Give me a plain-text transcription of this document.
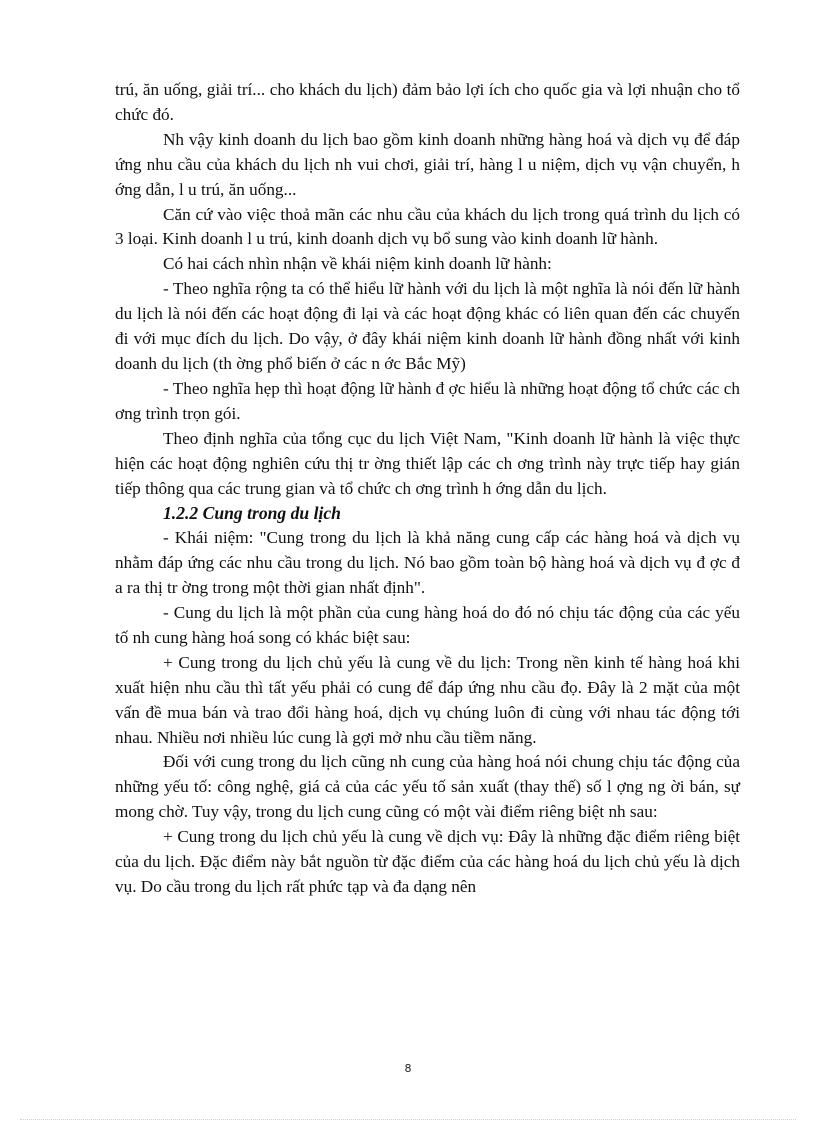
trú, ăn uống, giải trí... cho khách du lịch) đảm bảo lợi ích cho quốc gia và lợi nhuận cho tổ chức đó.

Nh vậy kinh doanh du lịch bao gồm kinh doanh những hàng hoá và dịch vụ để đáp ứng nhu cầu của khách du lịch nh vui chơi, giải trí, hàng l u niệm, dịch vụ vận chuyển, h ớng dẫn, l u trú, ăn uống...

Căn cứ vào việc thoả mãn các nhu cầu của khách du lịch trong quá trình du lịch có 3 loại. Kinh doanh l u trú, kinh doanh dịch vụ bổ sung vào kinh doanh lữ hành.

Có hai cách nhìn nhận về khái niệm kinh doanh lữ hành:

- Theo nghĩa rộng ta có thể hiểu lữ hành với du lịch là một nghĩa là nói đến lữ hành du lịch là nói đến các hoạt động đi lại và các hoạt động khác có liên quan đến các chuyến đi với mục đích du lịch. Do vậy, ở đây khái niệm kinh doanh lữ hành đồng nhất với kinh doanh du lịch (th ờng phổ biến ở các n ớc Bắc Mỹ)

- Theo nghĩa hẹp thì hoạt động lữ hành đ ợc hiểu là những hoạt động tổ chức các ch ơng trình trọn gói.

Theo định nghĩa của tổng cục du lịch Việt Nam, "Kinh doanh lữ hành là việc thực hiện các hoạt động nghiên cứu thị tr ờng thiết lập các ch ơng trình này trực tiếp hay gián tiếp thông qua các trung gian và tổ chức ch ơng trình h ớng dẫn du lịch.

1.2.2 Cung trong du lịch

- Khái niệm: "Cung trong du lịch là khả năng cung cấp các hàng hoá và dịch vụ nhằm đáp ứng các nhu cầu trong du lịch. Nó bao gồm toàn bộ hàng hoá và dịch vụ đ ợc đ a ra thị tr ờng trong một thời gian nhất định".

- Cung du lịch là một phần của cung hàng hoá do đó nó chịu tác động của các yếu tố nh cung hàng hoá song có khác biệt sau:

+ Cung trong du lịch chủ yếu là cung về du lịch: Trong nền kinh tế hàng hoá khi xuất hiện nhu cầu thì tất yếu phải có cung để đáp ứng nhu cầu đọ. Đây là 2 mặt của một vấn đề mua bán và trao đổi hàng hoá, dịch vụ chúng luôn đi cùng với nhau tác động tới nhau. Nhiều nơi nhiều lúc cung là gợi mở nhu cầu tiềm năng.

Đối với cung trong du lịch cũng nh cung của hàng hoá nói chung chịu tác động của những yếu tố: công nghệ, giá cả của các yếu tố sản xuất (thay thế) số l ợng ng ời bán, sự mong chờ. Tuy vậy, trong du lịch cung cũng có một vài điểm riêng biệt nh sau:

+ Cung trong du lịch chủ yếu là cung về dịch vụ: Đây là những đặc điểm riêng biệt của du lịch. Đặc điểm này bắt nguồn từ đặc điểm của các hàng hoá du lịch chủ yếu là dịch vụ. Do cầu trong du lịch rất phức tạp và đa dạng nên

8
